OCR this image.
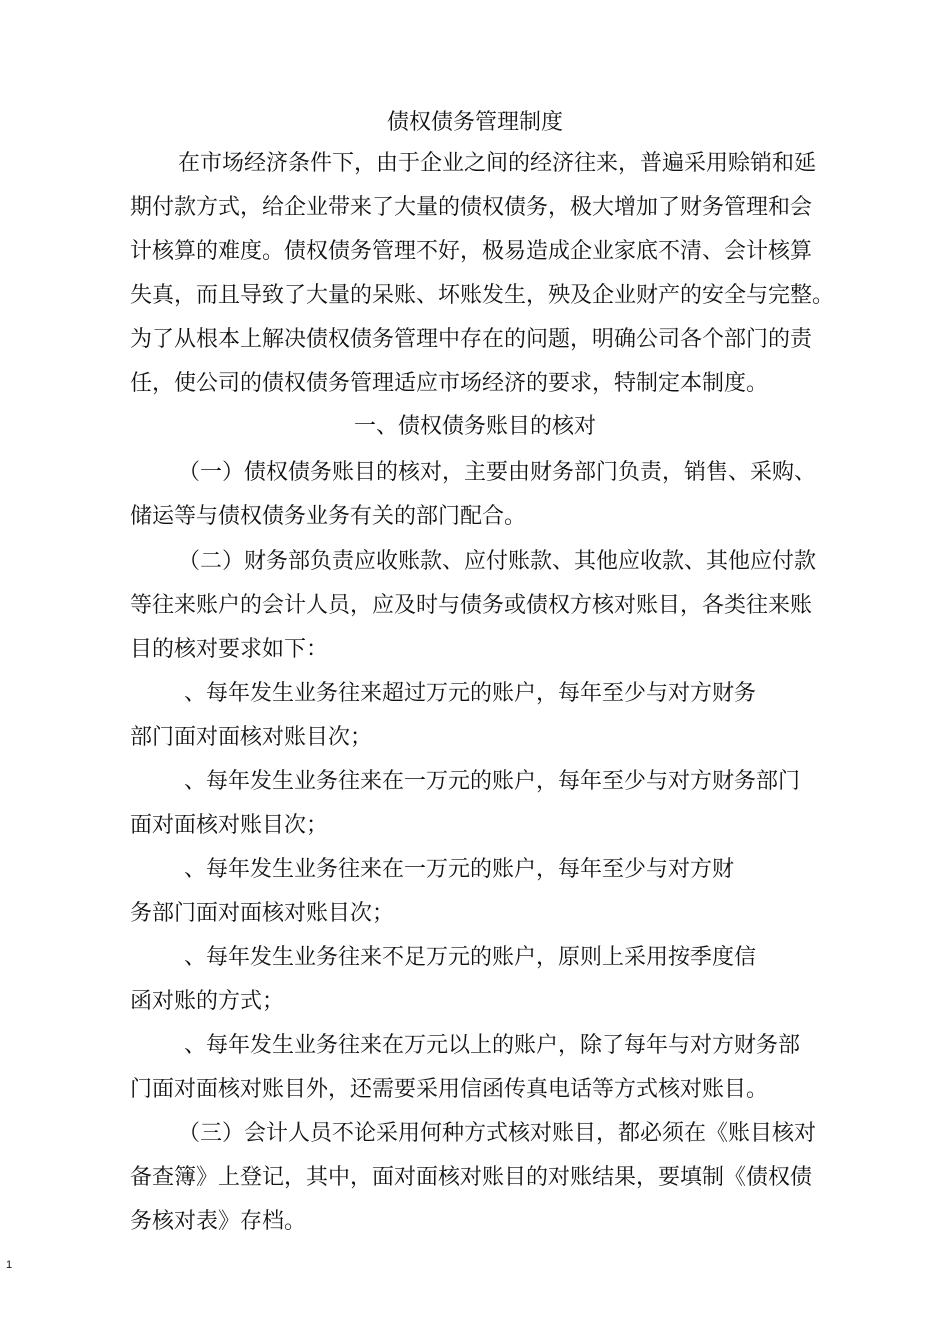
债权债务管理制度
在市场经济条件下，由于企业之间的经济往来，普遍采用赊销和延
期付款方式，给企业带来了大量的债权债务，极大增加了财务管理和会
计核算的难度。债权债务管理不好，极易造成企业家底不清、会计核算
失真，而且导致了大量的呆账、坏账发生，殃及企业财产的安全与完整。
为了从根本上解决债权债务管理中存在的问题，明确公司各个部门的责
任，使公司的债权债务管理适应市场经济的要求，特制定本制度。
一、债权债务账目的核对
（一）债权债务账目的核对，主要由财务部门负责，销售、采购、
储运等与债权债务业务有关的部门配合。
（二）财务部负责应收账款、应付账款、其他应收款、其他应付款
等往来账户的会计人员，应及时与债务或债权方核对账目，各类往来账
目的核对要求如下：
、每年发生业务往来超过万元的账户，每年至少与对方财务
部门面对面核对账目次；
、每年发生业务往来在一万元的账户，每年至少与对方财务部门
面对面核对账目次；
、每年发生业务往来在一万元的账户，每年至少与对方财
务部门面对面核对账目次；
、每年发生业务往来不足万元的账户，原则上采用按季度信
函对账的方式；
、每年发生业务往来在万元以上的账户，除了每年与对方财务部
门面对面核对账目外，还需要采用信函传真电话等方式核对账目。
（三）会计人员不论采用何种方式核对账目，都必须在《账目核对
备查簿》上登记，其中，面对面核对账目的对账结果，要填制《债权债
务核对表》存档。
1
